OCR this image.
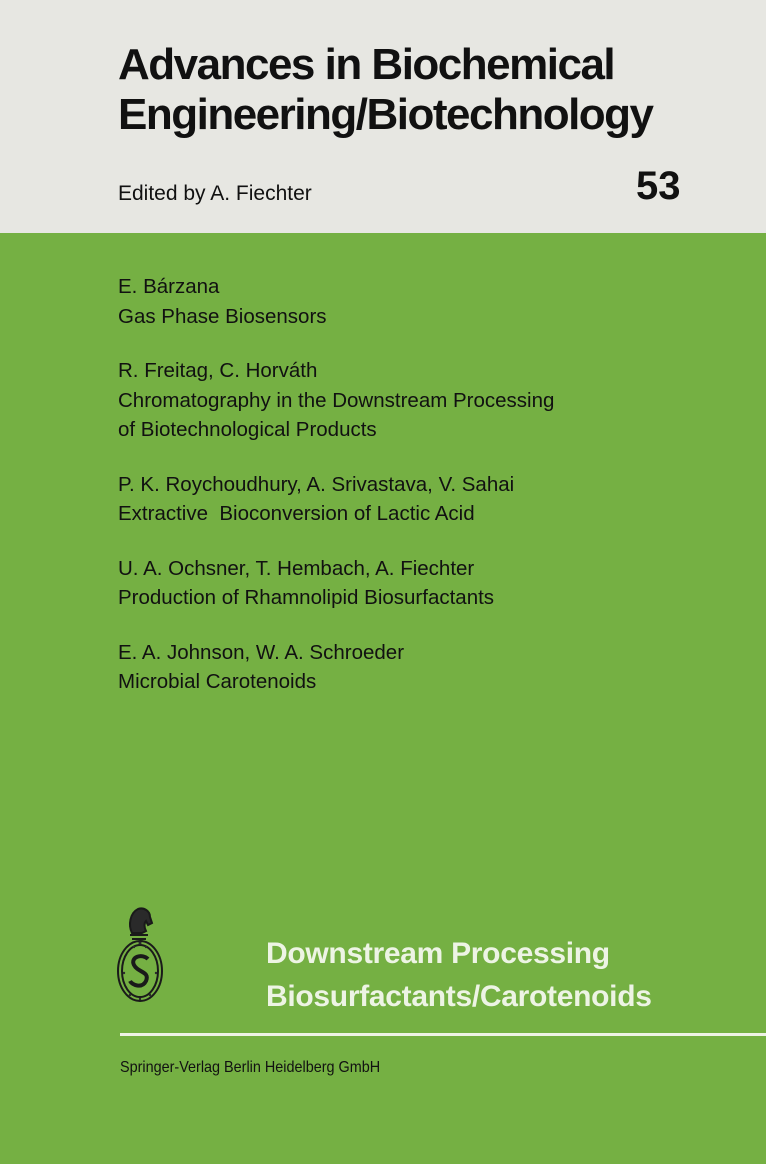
Advances in Biochemical
Engineering/Biotechnology
Edited by A. Fiechter	53
E. Bárzana
Gas Phase Biosensors
R. Freitag, C. Horváth
Chromatography in the Downstream Processing
of Biotechnological Products
P. K. Roychoudhury, A. Srivastava, V. Sahai
Extractive  Bioconversion of Lactic Acid
U. A. Ochsner, T. Hembach, A. Fiechter
Production of Rhamnolipid Biosurfactants
E. A. Johnson, W. A. Schroeder
Microbial Carotenoids
Downstream Processing
Biosurfactants/Carotenoids
Springer-Verlag Berlin Heidelberg GmbH
